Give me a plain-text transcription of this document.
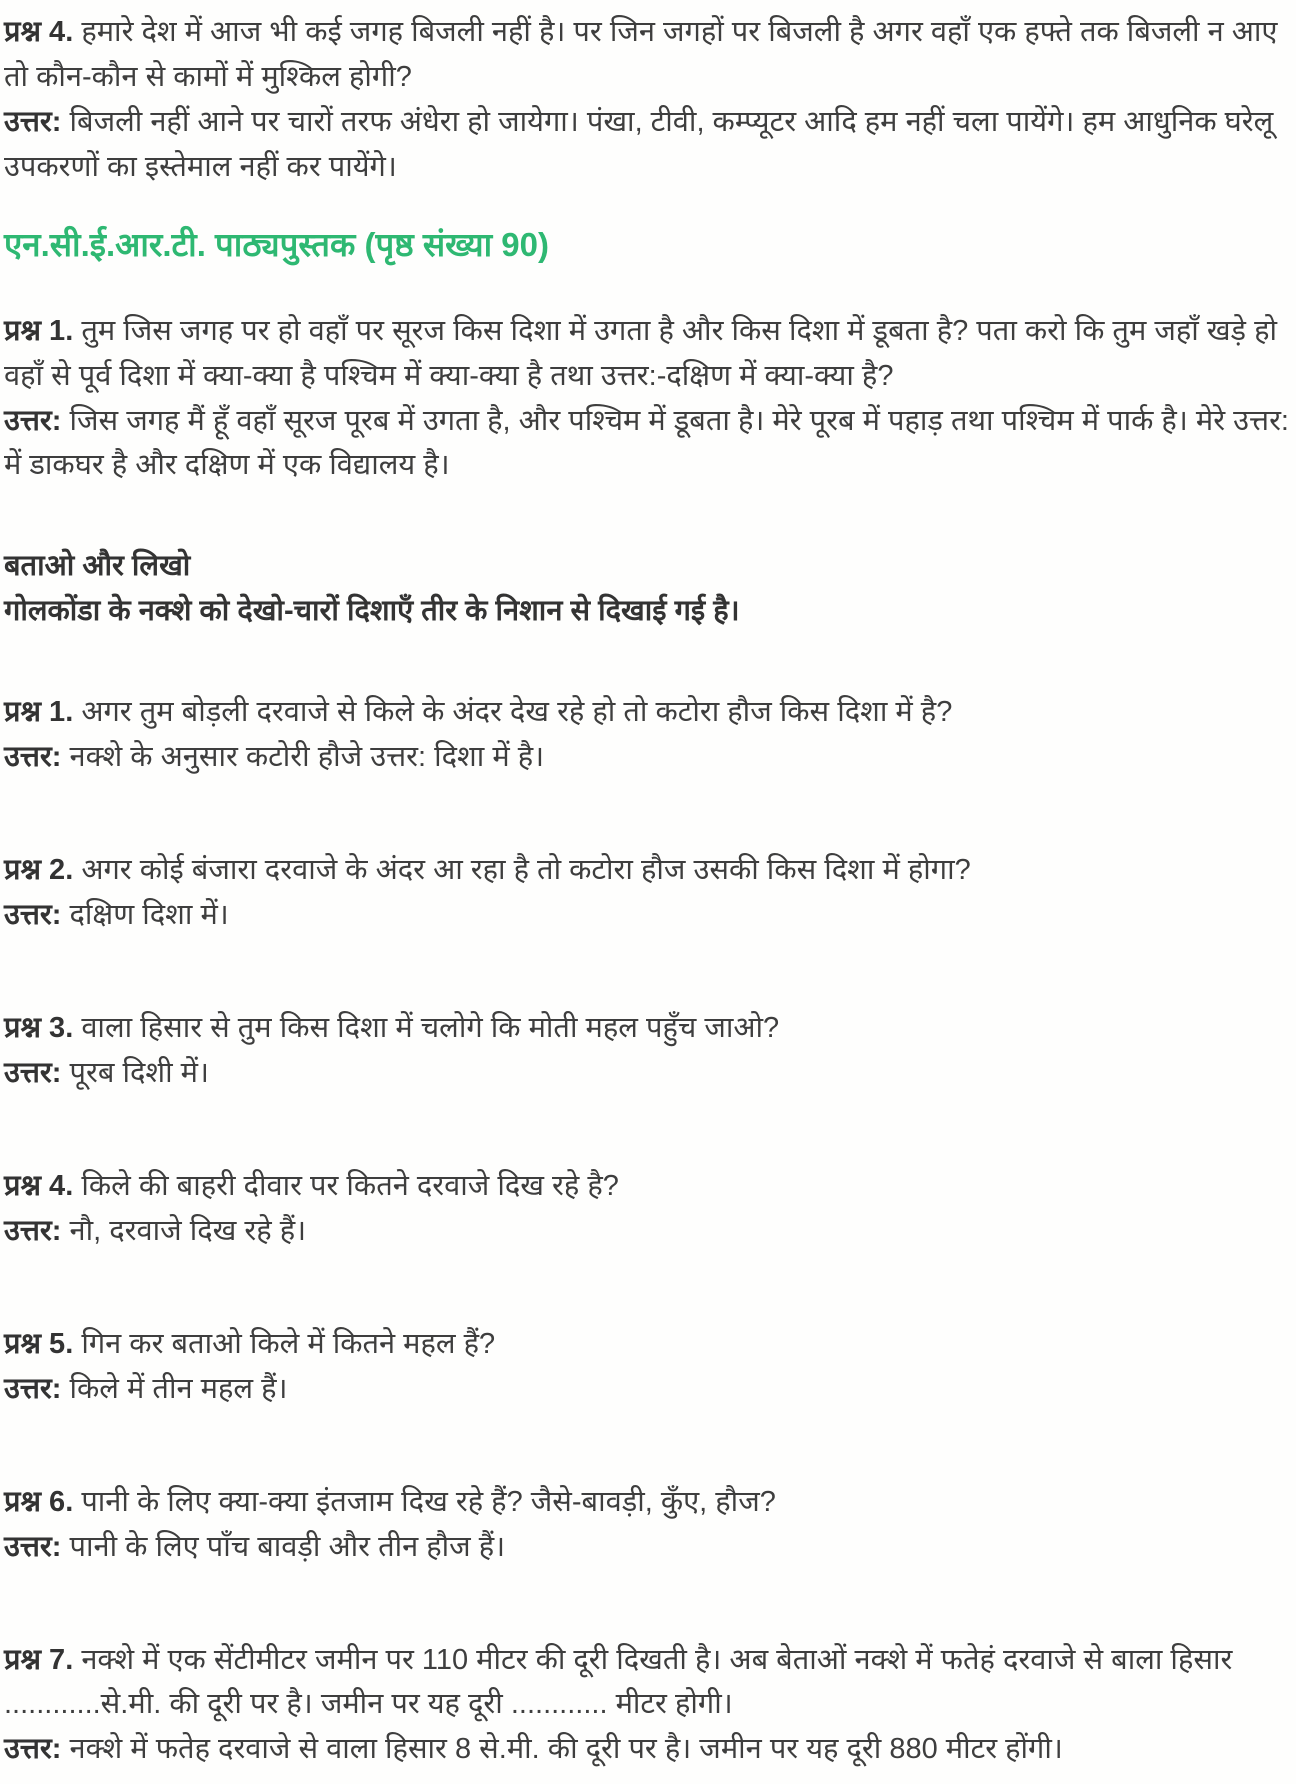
प्रश्न 4. हमारे देश में आज भी कई जगह बिजली नहीं है। पर जिन जगहों पर बिजली है अगर वहाँ एक हफ्ते तक बिजली न आए तो कौन-कौन से कामों में मुश्किल होगी?

उत्तर: बिजली नहीं आने पर चारों तरफ अंधेरा हो जायेगा। पंखा, टीवी, कम्प्यूटर आदि हम नहीं चला पायेंगे। हम आधुनिक घरेलू उपकरणों का इस्तेमाल नहीं कर पायेंगे।

एन.सी.ई.आर.टी. पाठ्यपुस्तक (पृष्ठ संख्या 90)

प्रश्न 1. तुम जिस जगह पर हो वहाँ पर सूरज किस दिशा में उगता है और किस दिशा में डूबता है? पता करो कि तुम जहाँ खड़े हो वहाँ से पूर्व दिशा में क्या-क्या है पश्चिम में क्या-क्या है तथा उत्तर:-दक्षिण में क्या-क्या है?

उत्तर: जिस जगह मैं हूँ वहाँ सूरज पूरब में उगता है, और पश्चिम में डूबता है। मेरे पूरब में पहाड़ तथा पश्चिम में पार्क है। मेरे उत्तर: में डाकघर है और दक्षिण में एक विद्यालय है।

बताओ और लिखो

गोलकोंडा के नक्शे को देखो-चारों दिशाएँ तीर के निशान से दिखाई गई है।

प्रश्न 1. अगर तुम बोड़ली दरवाजे से किले के अंदर देख रहे हो तो कटोरा हौज किस दिशा में है?

उत्तर: नक्शे के अनुसार कटोरी हौजे उत्तर: दिशा में है।

प्रश्न 2. अगर कोई बंजारा दरवाजे के अंदर आ रहा है तो कटोरा हौज उसकी किस दिशा में होगा?

उत्तर: दक्षिण दिशा में।

प्रश्न 3. वाला हिसार से तुम किस दिशा में चलोगे कि मोती महल पहुँच जाओ?

उत्तर: पूरब दिशी में।

प्रश्न 4. किले की बाहरी दीवार पर कितने दरवाजे दिख रहे है?

उत्तर: नौ, दरवाजे दिख रहे हैं।

प्रश्न 5. गिन कर बताओ किले में कितने महल हैं?

उत्तर: किले में तीन महल हैं।

प्रश्न 6. पानी के लिए क्या-क्या इंतजाम दिख रहे हैं? जैसे-बावड़ी, कुँए, हौज?

उत्तर: पानी के लिए पाँच बावड़ी और तीन हौज हैं।

प्रश्न 7. नक्शे में एक सेंटीमीटर जमीन पर 110 मीटर की दूरी दिखती है। अब बेताओं नक्शे में फतेहं दरवाजे से बाला हिसार ............से.मी. की दूरी पर है। जमीन पर यह दूरी ............ मीटर होगी।

उत्तर: नक्शे में फतेह दरवाजे से वाला हिसार 8 से.मी. की दूरी पर है। जमीन पर यह दूरी 880 मीटर होंगी।
